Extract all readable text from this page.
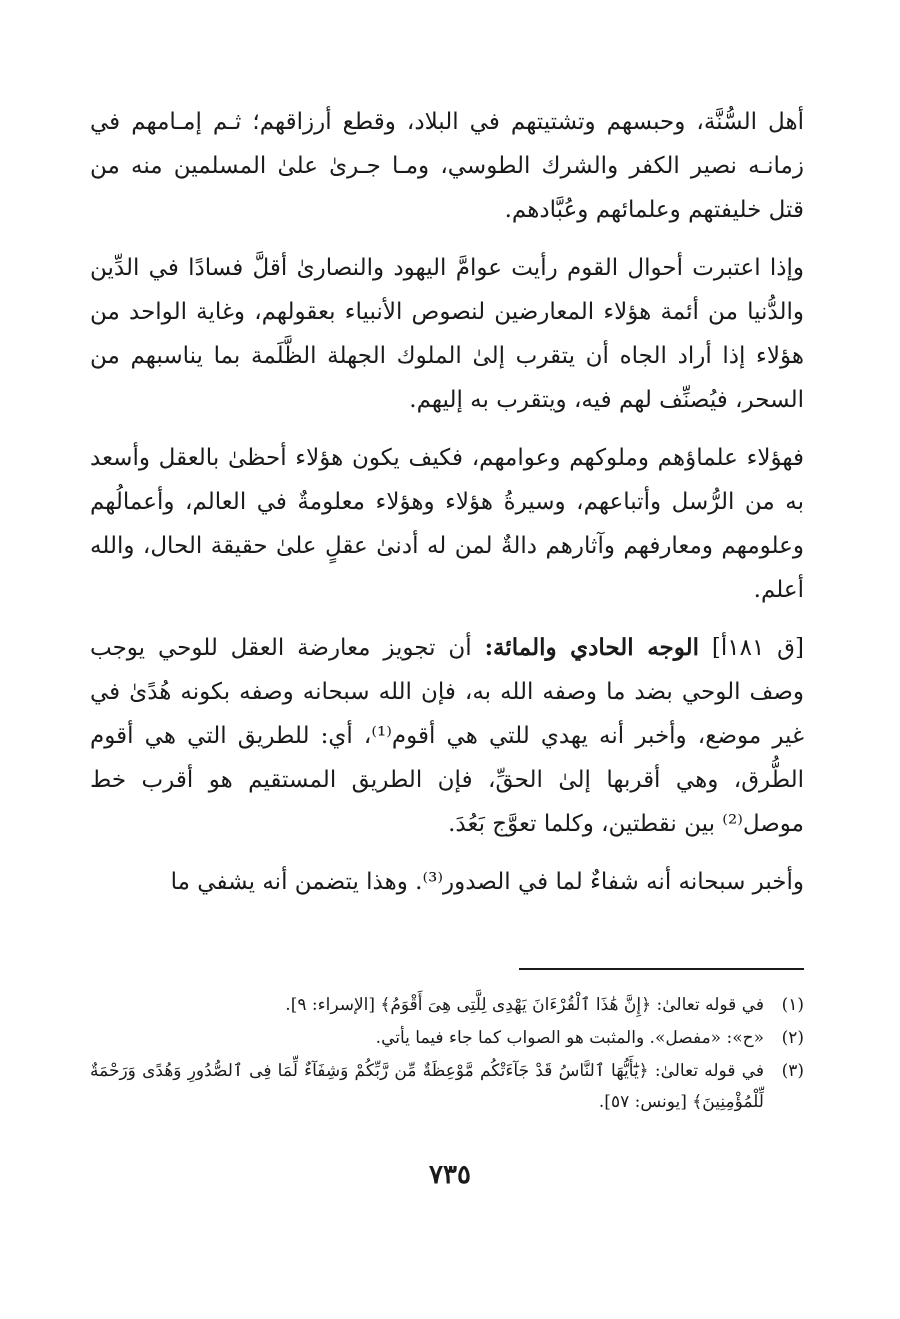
أهل السُّنَّة، وحبسهم وتشتيتهم في البلاد، وقطع أرزاقهم؛ ثـم إمـامهم في زمانـه نصير الكفر والشرك الطوسي، ومـا جـرىٰ علىٰ المسلمين منه من قتل خليفتهم وعلمائهم وعُبَّادهم.

وإذا اعتبرت أحوال القوم رأيت عوامَّ اليهود والنصارىٰ أقلَّ فسادًا في الدِّين والدُّنيا من أئمة هؤلاء المعارضين لنصوص الأنبياء بعقولهم، وغاية الواحد من هؤلاء إذا أراد الجاه أن يتقرب إلىٰ الملوك الجهلة الظَّلَمة بما يناسبهم من السحر، فيُصنِّف لهم فيه، ويتقرب به إليهم.

فهؤلاء علماؤهم وملوكهم وعوامهم، فكيف يكون هؤلاء أحظىٰ بالعقل وأسعد به من الرُّسل وأتباعهم، وسيرةُ هؤلاء وهؤلاء معلومةٌ في العالم، وأعمالُهم وعلومهم ومعارفهم وآثارهم دالةٌ لمن له أدنىٰ عقلٍ علىٰ حقيقة الحال، والله أعلم.

[ق ١٨١أ] الوجه الحادي والمائة: أن تجويز معارضة العقل للوحي يوجب وصف الوحي بضد ما وصفه الله به، فإن الله سبحانه وصفه بكونه هُدًىٰ في غير موضع، وأخبر أنه يهدي للتي هي أقوم⁽¹⁾، أي: للطريق التي هي أقوم الطُّرق، وهي أقربها إلىٰ الحقِّ، فإن الطريق المستقيم هو أقرب خط موصل⁽²⁾ بين نقطتين، وكلما تعوَّج بَعُدَ.

وأخبر سبحانه أنه شفاءٌ لما في الصدور⁽³⁾. وهذا يتضمن أنه يشفي ما

(١)
في قوله تعالىٰ: ﴿إِنَّ هَٰذَا ٱلْقُرْءَانَ يَهْدِى لِلَّتِى هِىَ أَقْوَمُ﴾ [الإسراء: ٩].

(٢)
«ح»: «مفصل». والمثبت هو الصواب كما جاء فيما يأتي.

(٣)
في قوله تعالىٰ: ﴿يَٰٓأَيُّهَا ٱلنَّاسُ قَدْ جَآءَتْكُم مَّوْعِظَةٌ مِّن رَّبِّكُمْ وَشِفَآءٌ لِّمَا فِى ٱلصُّدُورِ وَهُدًى وَرَحْمَةٌ لِّلْمُؤْمِنِينَ﴾ [يونس: ٥٧].

٧٣٥
